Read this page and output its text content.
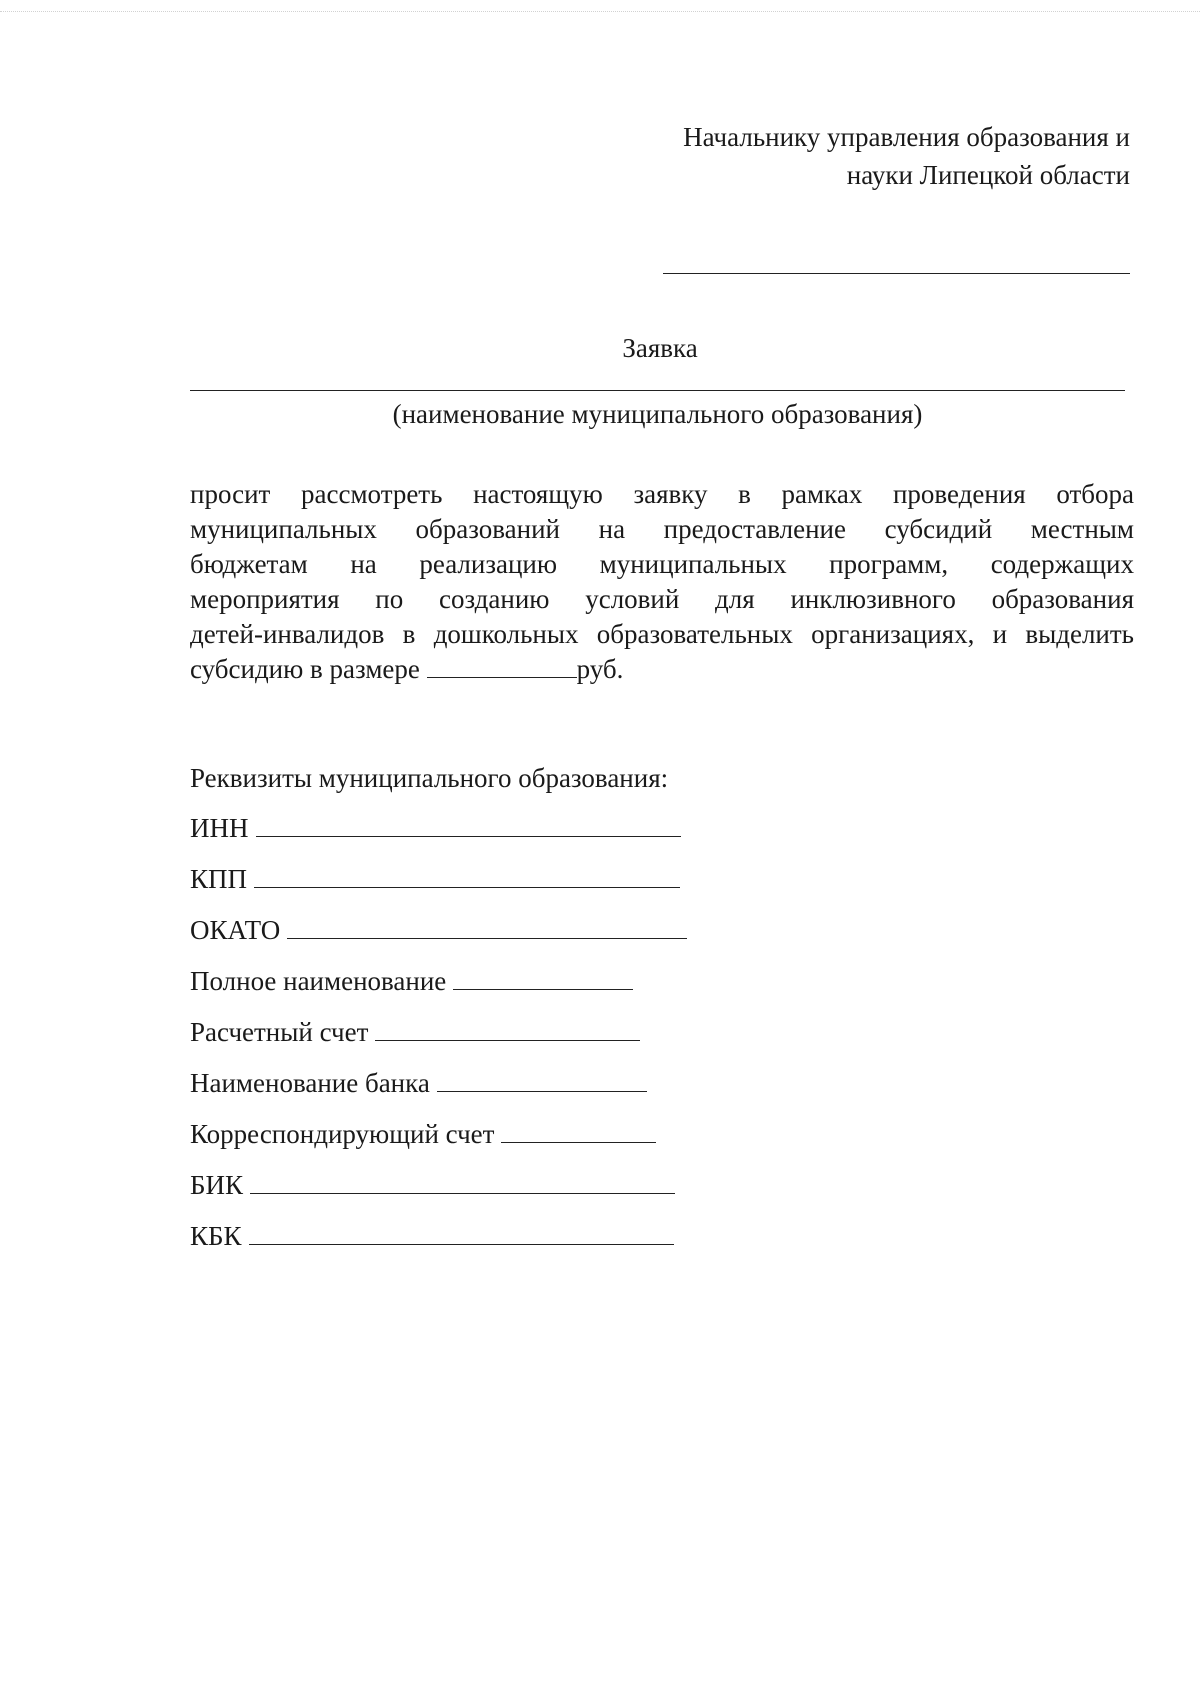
Начальнику управления образования и
науки Липецкой области
Заявка
(наименование муниципального образования)
просит рассмотреть настоящую заявку в рамках проведения отбора
муниципальных образований на предоставление субсидий местным
бюджетам на реализацию муниципальных программ, содержащих
мероприятия по созданию условий для инклюзивного образования
детей-инвалидов в дошкольных образовательных организациях, и выделить
субсидию в размере	руб.
Реквизиты муниципального образования:
ИНН
КПП
ОКАТО
Полное наименование
Расчетный счет
Наименование банка
Корреспондирующий счет
БИК
КБК
